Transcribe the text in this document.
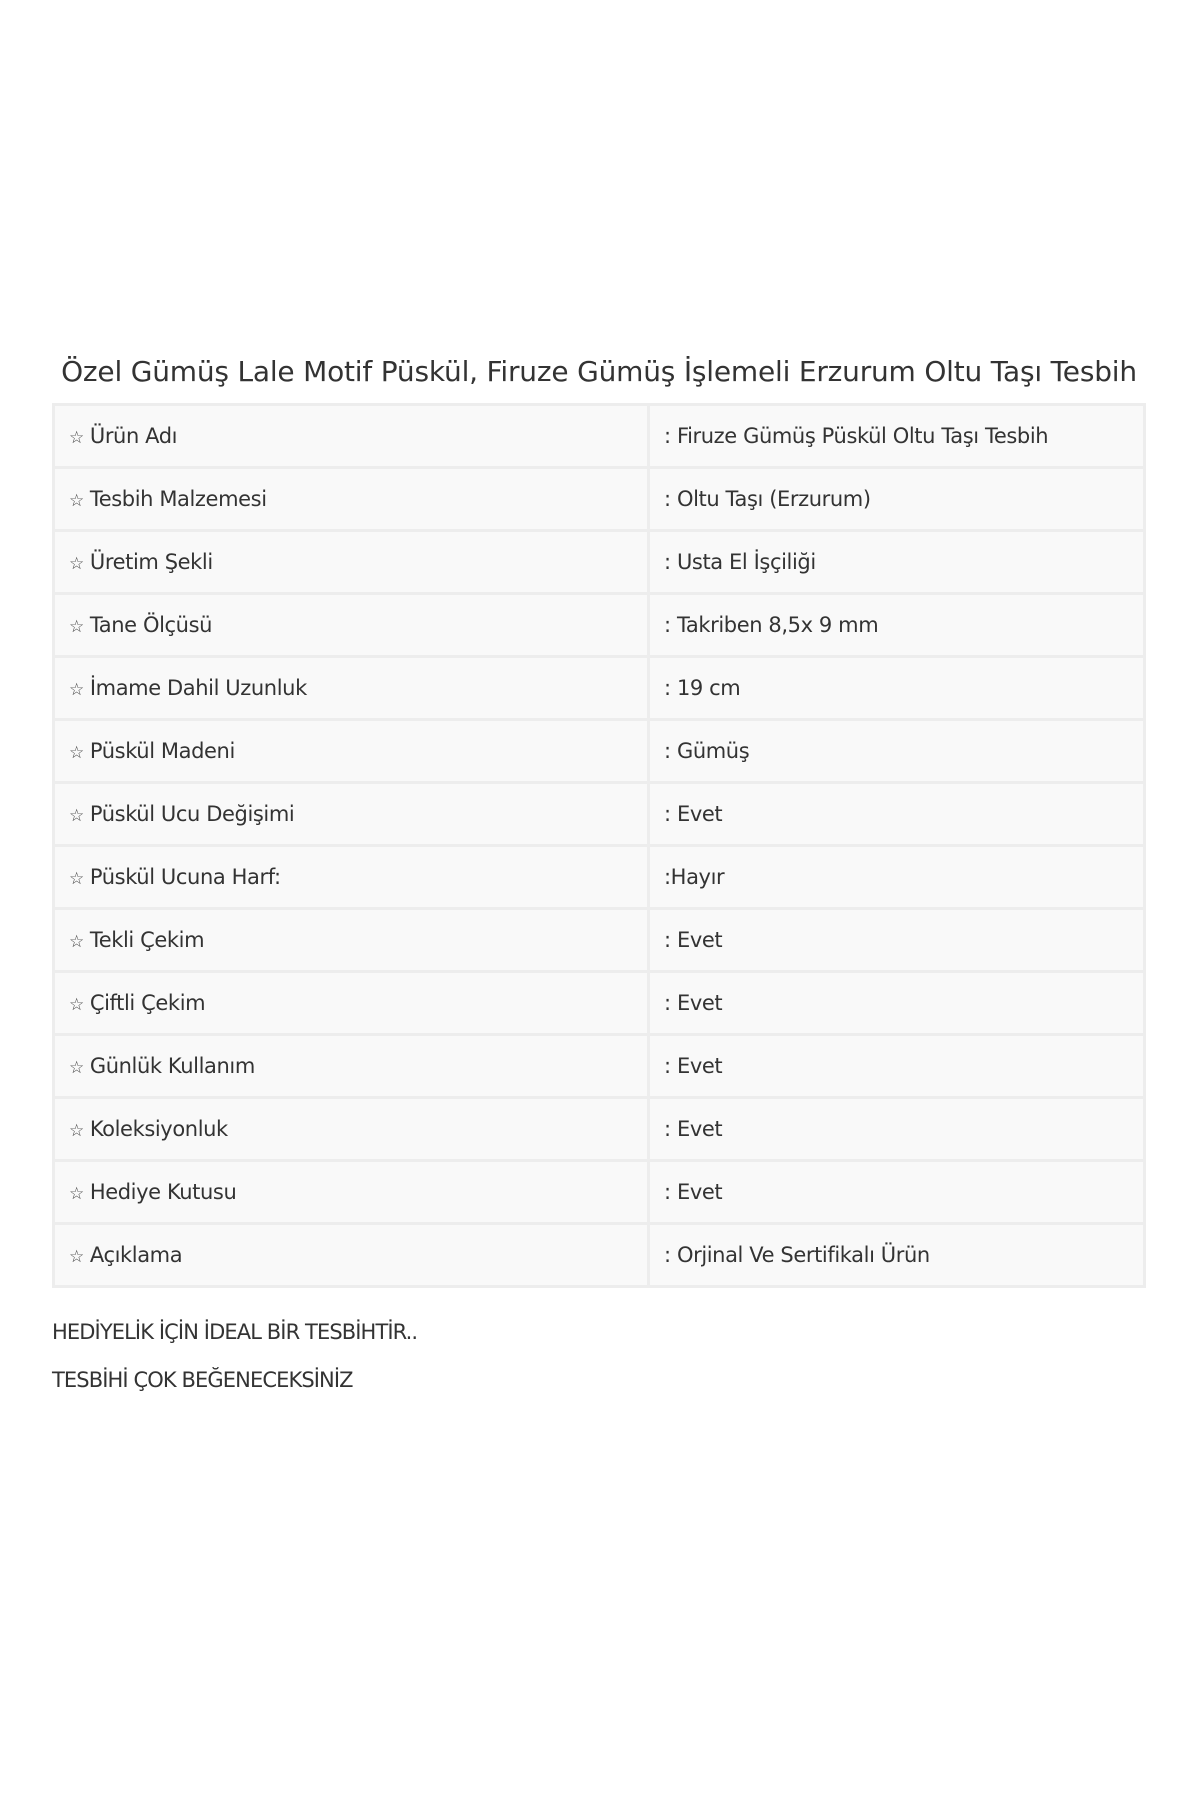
Özel Gümüş Lale Motif Püskül, Firuze Gümüş İşlemeli Erzurum Oltu Taşı Tesbih
☆ Ürün Adı	: Firuze Gümüş Püskül Oltu Taşı Tesbih
☆ Tesbih Malzemesi	: Oltu Taşı (Erzurum)
☆ Üretim Şekli	: Usta El İşçiliği
☆ Tane Ölçüsü	: Takriben 8,5x 9 mm
☆ İmame Dahil Uzunluk	: 19 cm
☆ Püskül Madeni	: Gümüş
☆ Püskül Ucu Değişimi	: Evet
☆ Püskül Ucuna Harf:	:Hayır
☆ Tekli Çekim	: Evet
☆ Çiftli Çekim	: Evet
☆ Günlük Kullanım	: Evet
☆ Koleksiyonluk	: Evet
☆ Hediye Kutusu	: Evet
☆ Açıklama	: Orjinal Ve Sertifikalı Ürün

HEDİYELİK İÇİN İDEAL BİR TESBİHTİR..

TESBİHİ ÇOK BEĞENECEKSİNİZ
